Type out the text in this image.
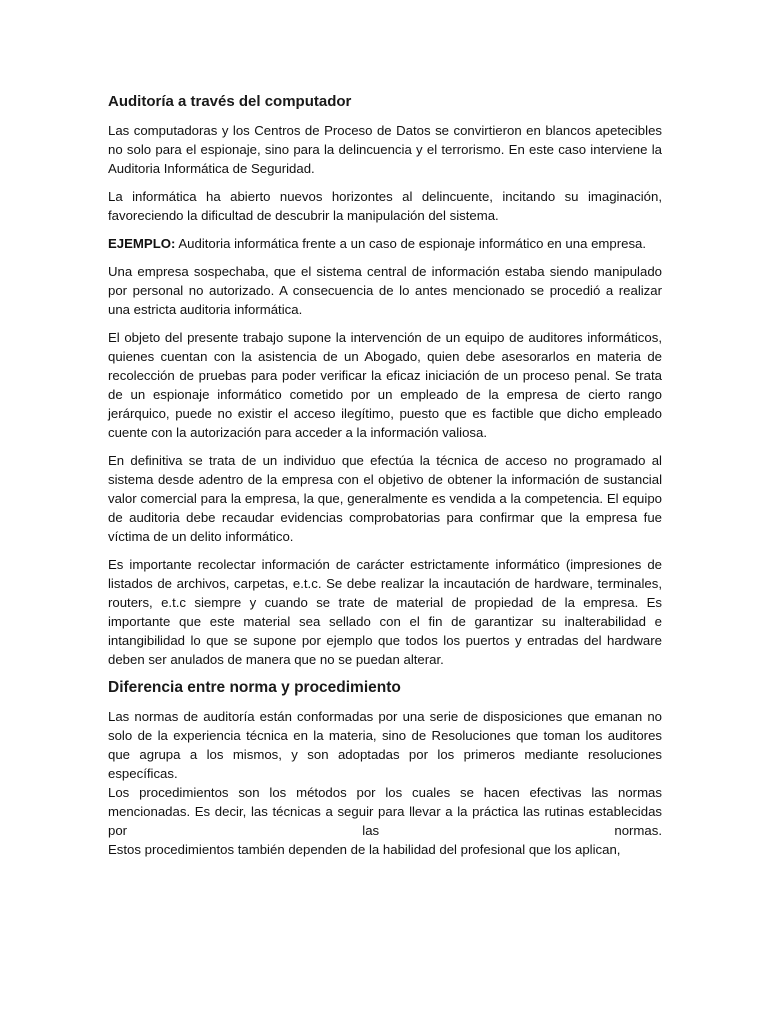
Auditoría a través del computador

Las computadoras y los Centros de Proceso de Datos se convirtieron en blancos apetecibles no solo para el espionaje, sino para la delincuencia y el terrorismo. En este caso interviene la Auditoria Informática de Seguridad.

La informática ha abierto nuevos horizontes al delincuente, incitando su imaginación, favoreciendo la dificultad de descubrir la manipulación del sistema.

EJEMPLO: Auditoria informática frente a un caso de espionaje informático en una empresa.

Una empresa sospechaba, que el sistema central de información estaba siendo manipulado por personal no autorizado. A consecuencia de lo antes mencionado se procedió a realizar una estricta auditoria informática.

El objeto del presente trabajo supone la intervención de un equipo de auditores informáticos, quienes cuentan con la asistencia de un Abogado, quien debe asesorarlos en materia de recolección de pruebas para poder verificar la eficaz iniciación de un proceso penal. Se trata de un espionaje informático cometido por un empleado de la empresa de cierto rango jerárquico, puede no existir el acceso ilegítimo, puesto que es factible que dicho empleado cuente con la autorización para acceder a la información valiosa.

En definitiva se trata de un individuo que efectúa la técnica de acceso no programado al sistema desde adentro de la empresa con el objetivo de obtener la información de sustancial valor comercial para la empresa, la que, generalmente es vendida a la competencia. El equipo de auditoria debe recaudar evidencias comprobatorias para confirmar que la empresa fue víctima de un delito informático.

Es importante recolectar información de carácter estrictamente informático (impresiones de listados de archivos, carpetas, e.t.c. Se debe realizar la incautación de hardware, terminales, routers, e.t.c siempre y cuando se trate de material de propiedad de la empresa. Es importante que este material sea sellado con el fin de garantizar su inalterabilidad e intangibilidad lo que se supone por ejemplo que todos los puertos y entradas del hardware deben ser anulados de manera que no se puedan alterar.

Diferencia entre norma y procedimiento

Las normas de auditoría están conformadas por una serie de disposiciones que emanan no solo de la experiencia técnica en la materia, sino de Resoluciones que toman los auditores que agrupa a los mismos, y son adoptadas por los primeros mediante resoluciones específicas.

Los procedimientos son los métodos por los cuales se hacen efectivas las normas mencionadas. Es decir, las técnicas a seguir para llevar a la práctica las rutinas establecidas por las normas.

Estos procedimientos también dependen de la habilidad del profesional que los aplican,
